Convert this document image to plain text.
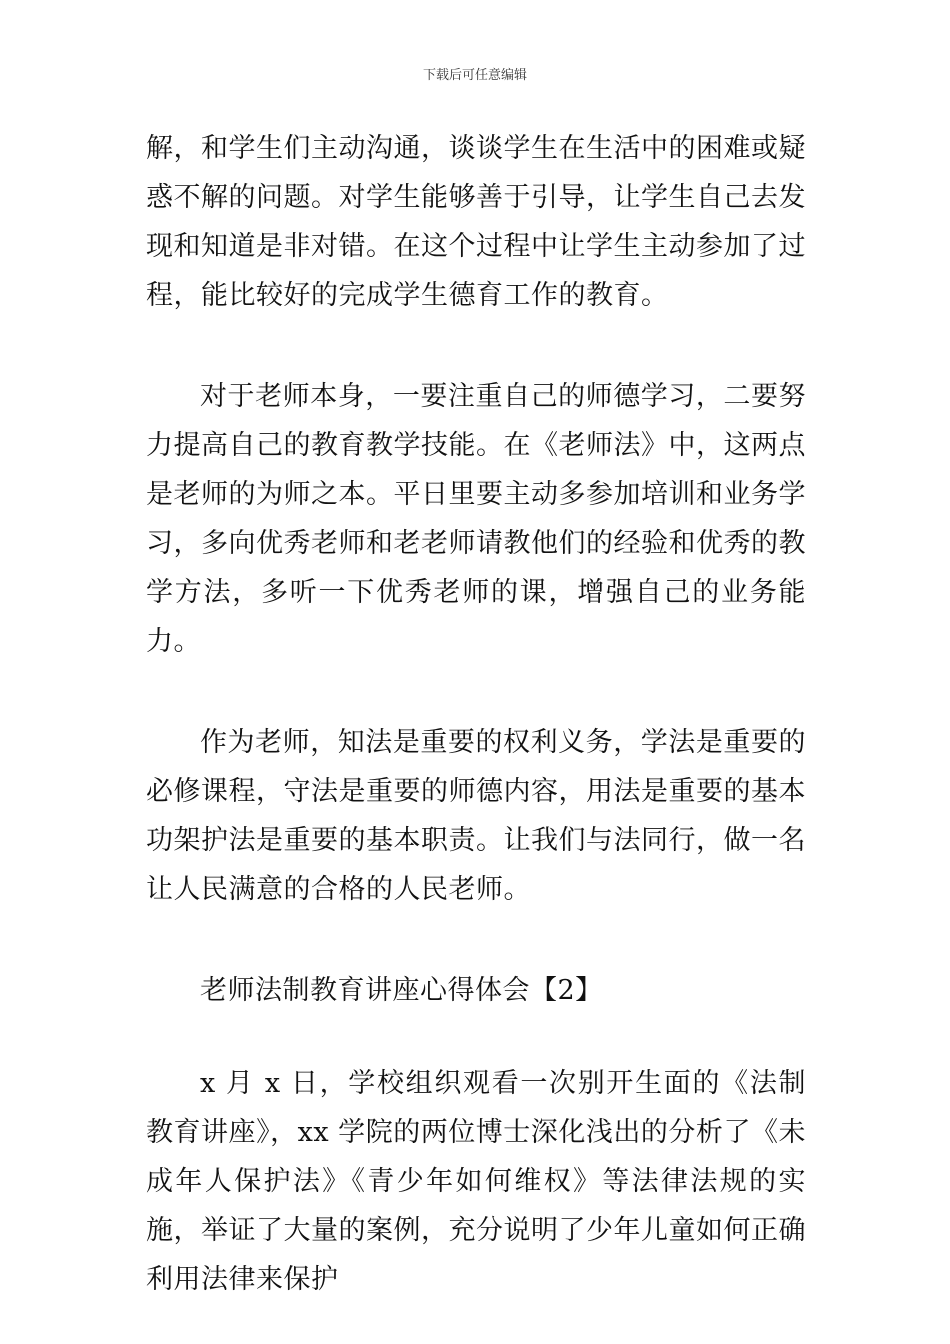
下载后可任意编辑

解，和学生们主动沟通，谈谈学生在生活中的困难或疑惑不解的问题。对学生能够善于引导，让学生自己去发现和知道是非对错。在这个过程中让学生主动参加了过程，能比较好的完成学生德育工作的教育。

对于老师本身，一要注重自己的师德学习，二要努力提高自己的教育教学技能。在《老师法》中，这两点是老师的为师之本。平日里要主动多参加培训和业务学习，多向优秀老师和老老师请教他们的经验和优秀的教学方法，多听一下优秀老师的课，增强自己的业务能力。

作为老师，知法是重要的权利义务，学法是重要的必修课程，守法是重要的师德内容，用法是重要的基本功架护法是重要的基本职责。让我们与法同行，做一名让人民满意的合格的人民老师。

老师法制教育讲座心得体会【2】

x 月 x 日，学校组织观看一次别开生面的《法制教育讲座》，xx 学院的两位博士深化浅出的分析了《未成年人保护法》《青少年如何维权》等法律法规的实施，举证了大量的案例，充分说明了少年儿童如何正确利用法律来保护
